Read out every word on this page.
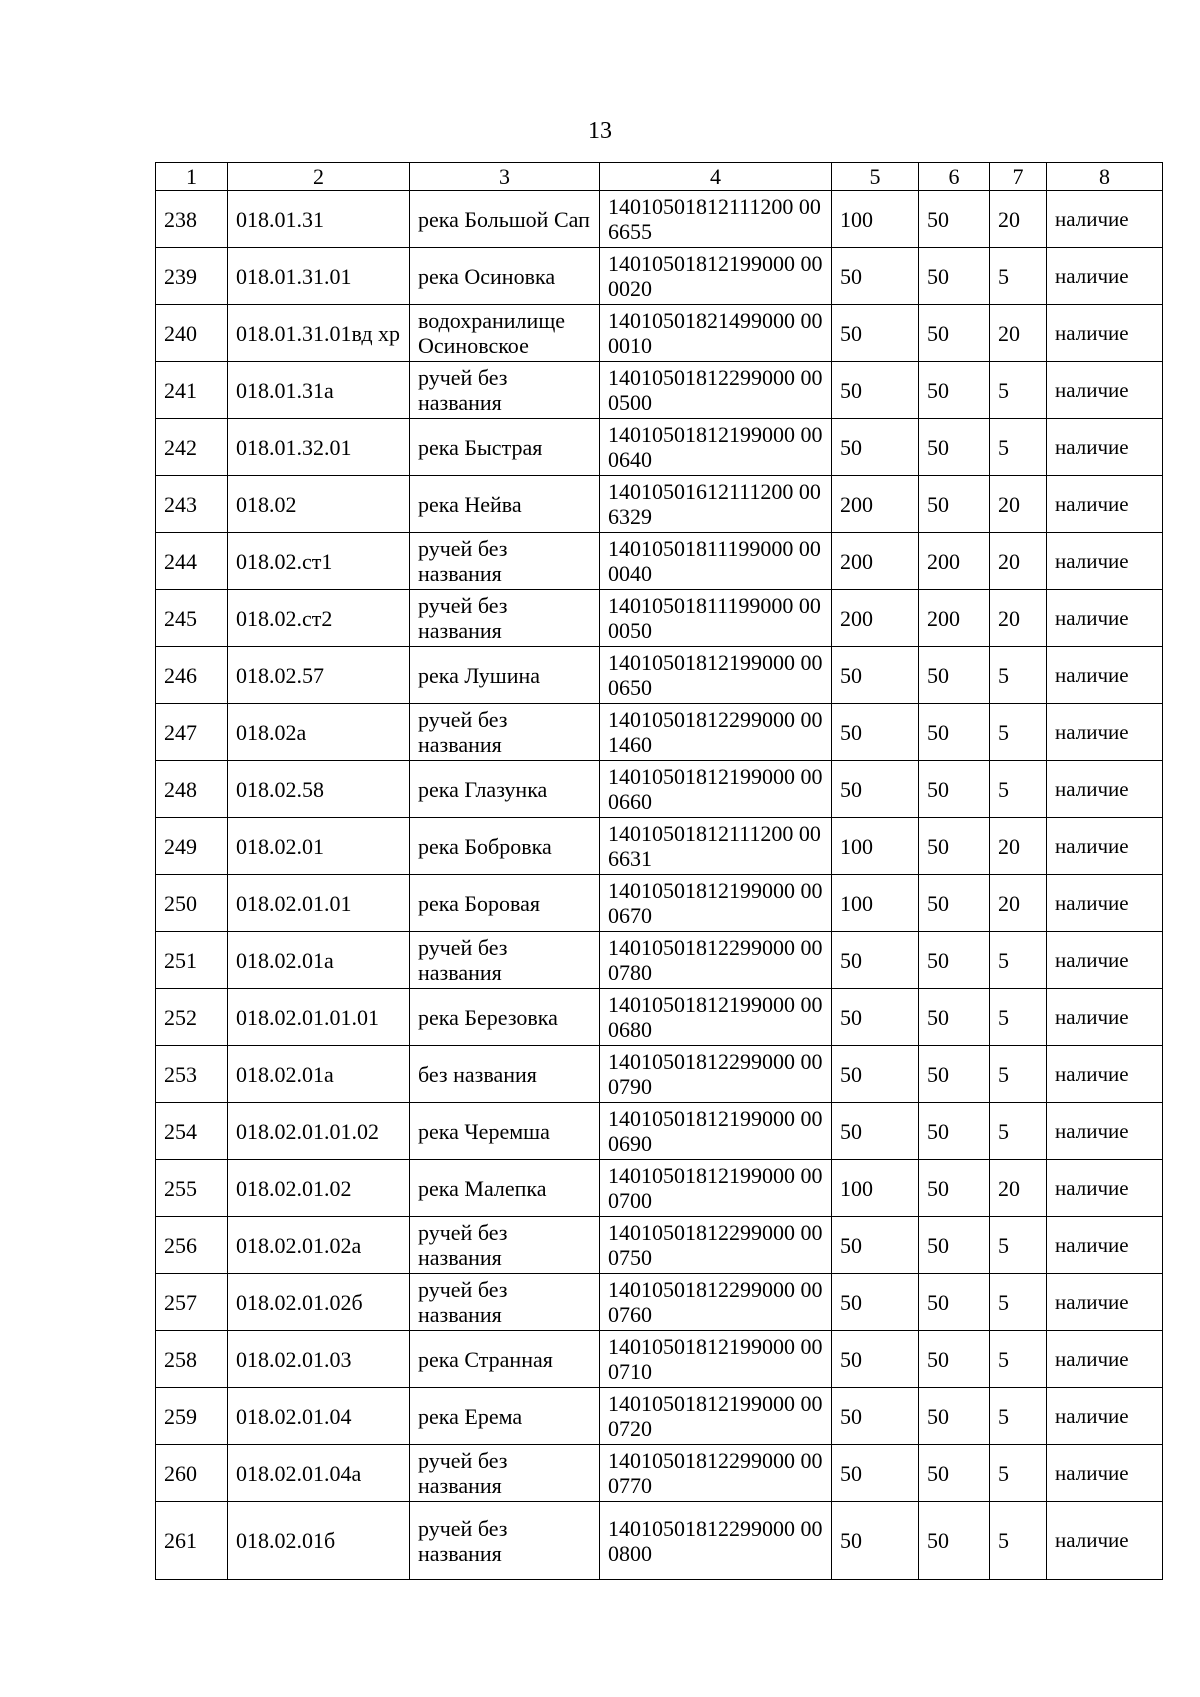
13
1	2	3	4	5	6	7	8
238	018.01.31	река Большой Сап	14010501812111200 006655	100	50	20	наличие
239	018.01.31.01	река Осиновка	14010501812199000 000020	50	50	5	наличие
240	018.01.31.01вд хр	водохранилище Осиновское	14010501821499000 000010	50	50	20	наличие
241	018.01.31а	ручей без названия	14010501812299000 000500	50	50	5	наличие
242	018.01.32.01	река Быстрая	14010501812199000 000640	50	50	5	наличие
243	018.02	река Нейва	14010501612111200 006329	200	50	20	наличие
244	018.02.ст1	ручей без названия	14010501811199000 000040	200	200	20	наличие
245	018.02.ст2	ручей без названия	14010501811199000 000050	200	200	20	наличие
246	018.02.57	река Лушина	14010501812199000 000650	50	50	5	наличие
247	018.02а	ручей без названия	14010501812299000 001460	50	50	5	наличие
248	018.02.58	река Глазунка	14010501812199000 000660	50	50	5	наличие
249	018.02.01	река Бобровка	14010501812111200 006631	100	50	20	наличие
250	018.02.01.01	река Боровая	14010501812199000 000670	100	50	20	наличие
251	018.02.01а	ручей без названия	14010501812299000 000780	50	50	5	наличие
252	018.02.01.01.01	река Березовка	14010501812199000 000680	50	50	5	наличие
253	018.02.01а	без названия	14010501812299000 000790	50	50	5	наличие
254	018.02.01.01.02	река Черемша	14010501812199000 000690	50	50	5	наличие
255	018.02.01.02	река Малепка	14010501812199000 000700	100	50	20	наличие
256	018.02.01.02а	ручей без названия	14010501812299000 000750	50	50	5	наличие
257	018.02.01.02б	ручей без названия	14010501812299000 000760	50	50	5	наличие
258	018.02.01.03	река Странная	14010501812199000 000710	50	50	5	наличие
259	018.02.01.04	река Ерема	14010501812199000 000720	50	50	5	наличие
260	018.02.01.04а	ручей без названия	14010501812299000 000770	50	50	5	наличие
261	018.02.01б	ручей без названия	14010501812299000 000800	50	50	5	наличие
